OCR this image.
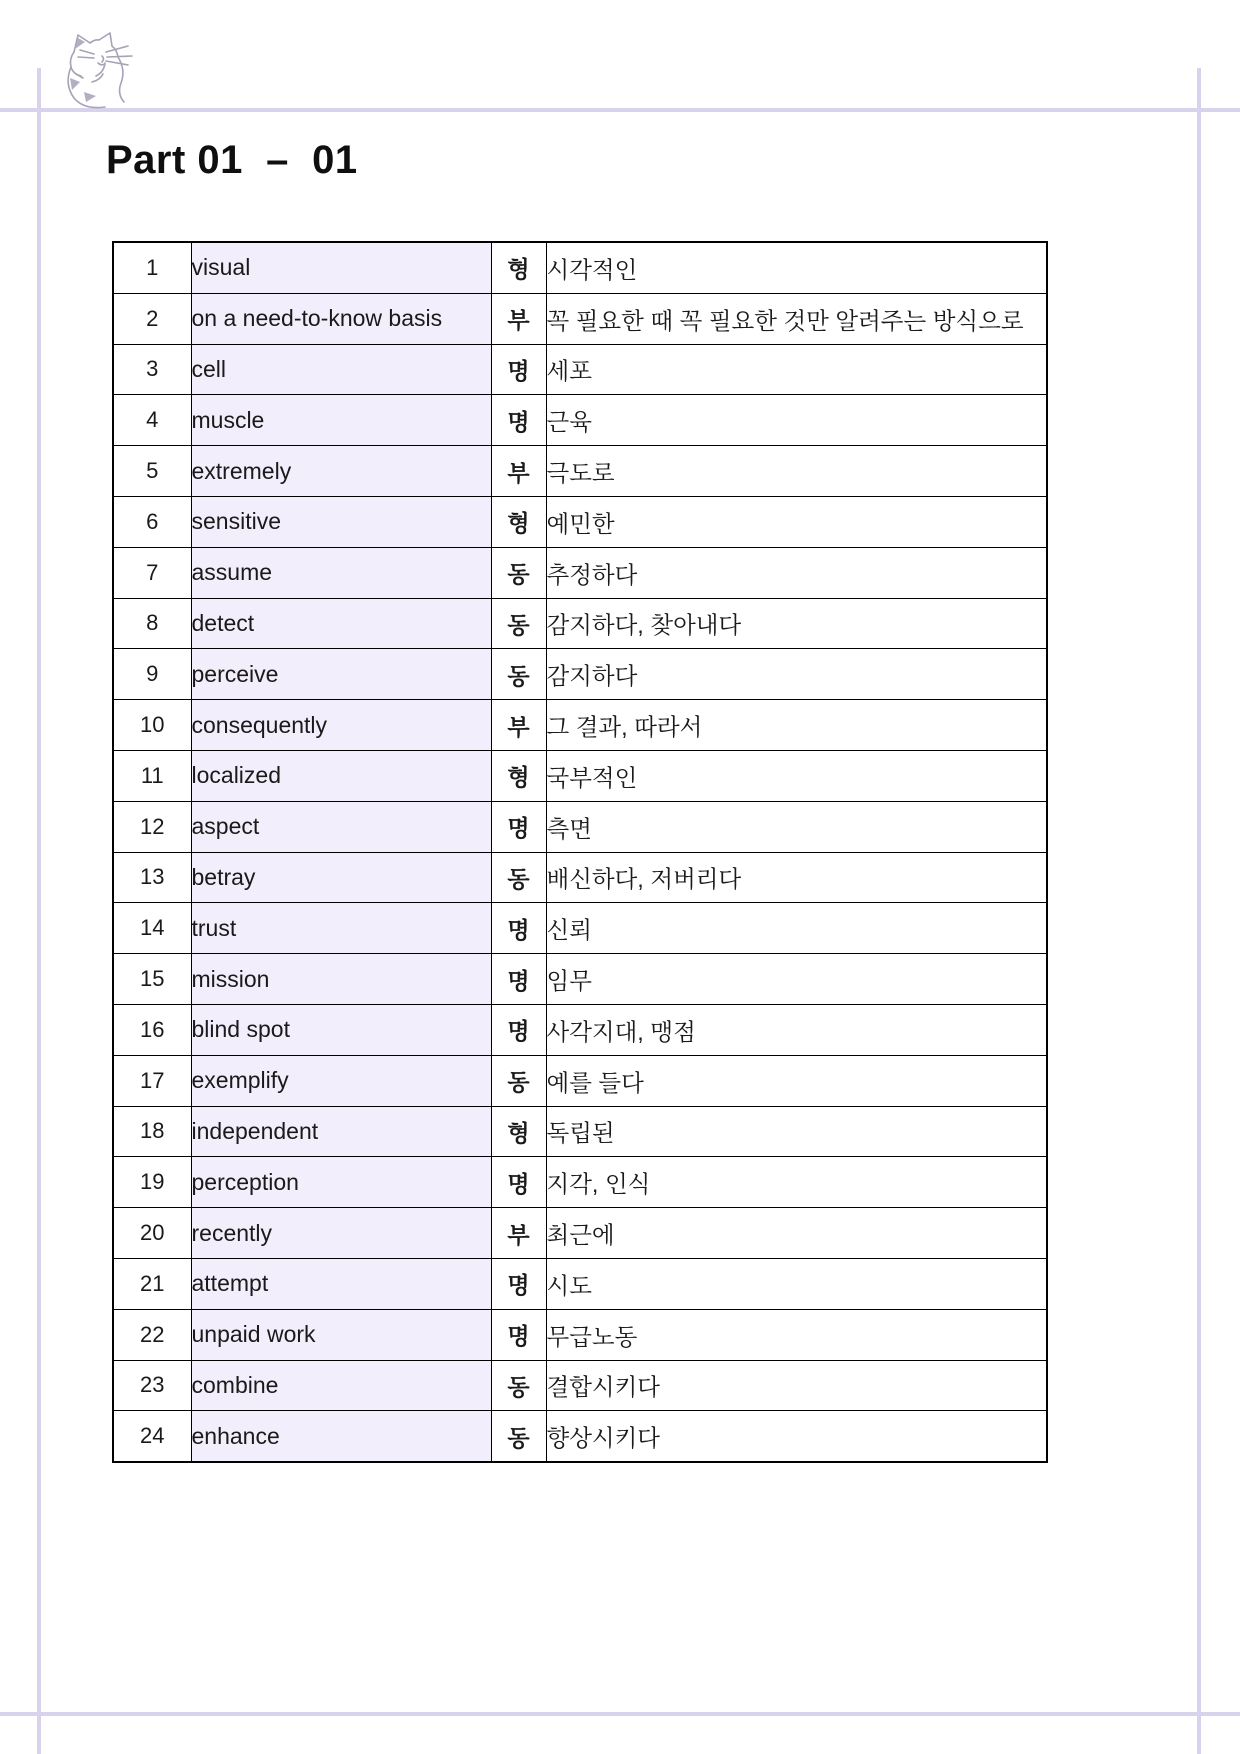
Part 01  –  01
1	visual	형	시각적인
2	on a need-to-know basis	부	꼭 필요한 때 꼭 필요한 것만 알려주는 방식으로
3	cell	명	세포
4	muscle	명	근육
5	extremely	부	극도로
6	sensitive	형	예민한
7	assume	동	추정하다
8	detect	동	감지하다, 찾아내다
9	perceive	동	감지하다
10	consequently	부	그 결과, 따라서
11	localized	형	국부적인
12	aspect	명	측면
13	betray	동	배신하다, 저버리다
14	trust	명	신뢰
15	mission	명	임무
16	blind spot	명	사각지대, 맹점
17	exemplify	동	예를 들다
18	independent	형	독립된
19	perception	명	지각, 인식
20	recently	부	최근에
21	attempt	명	시도
22	unpaid work	명	무급노동
23	combine	동	결합시키다
24	enhance	동	향상시키다
